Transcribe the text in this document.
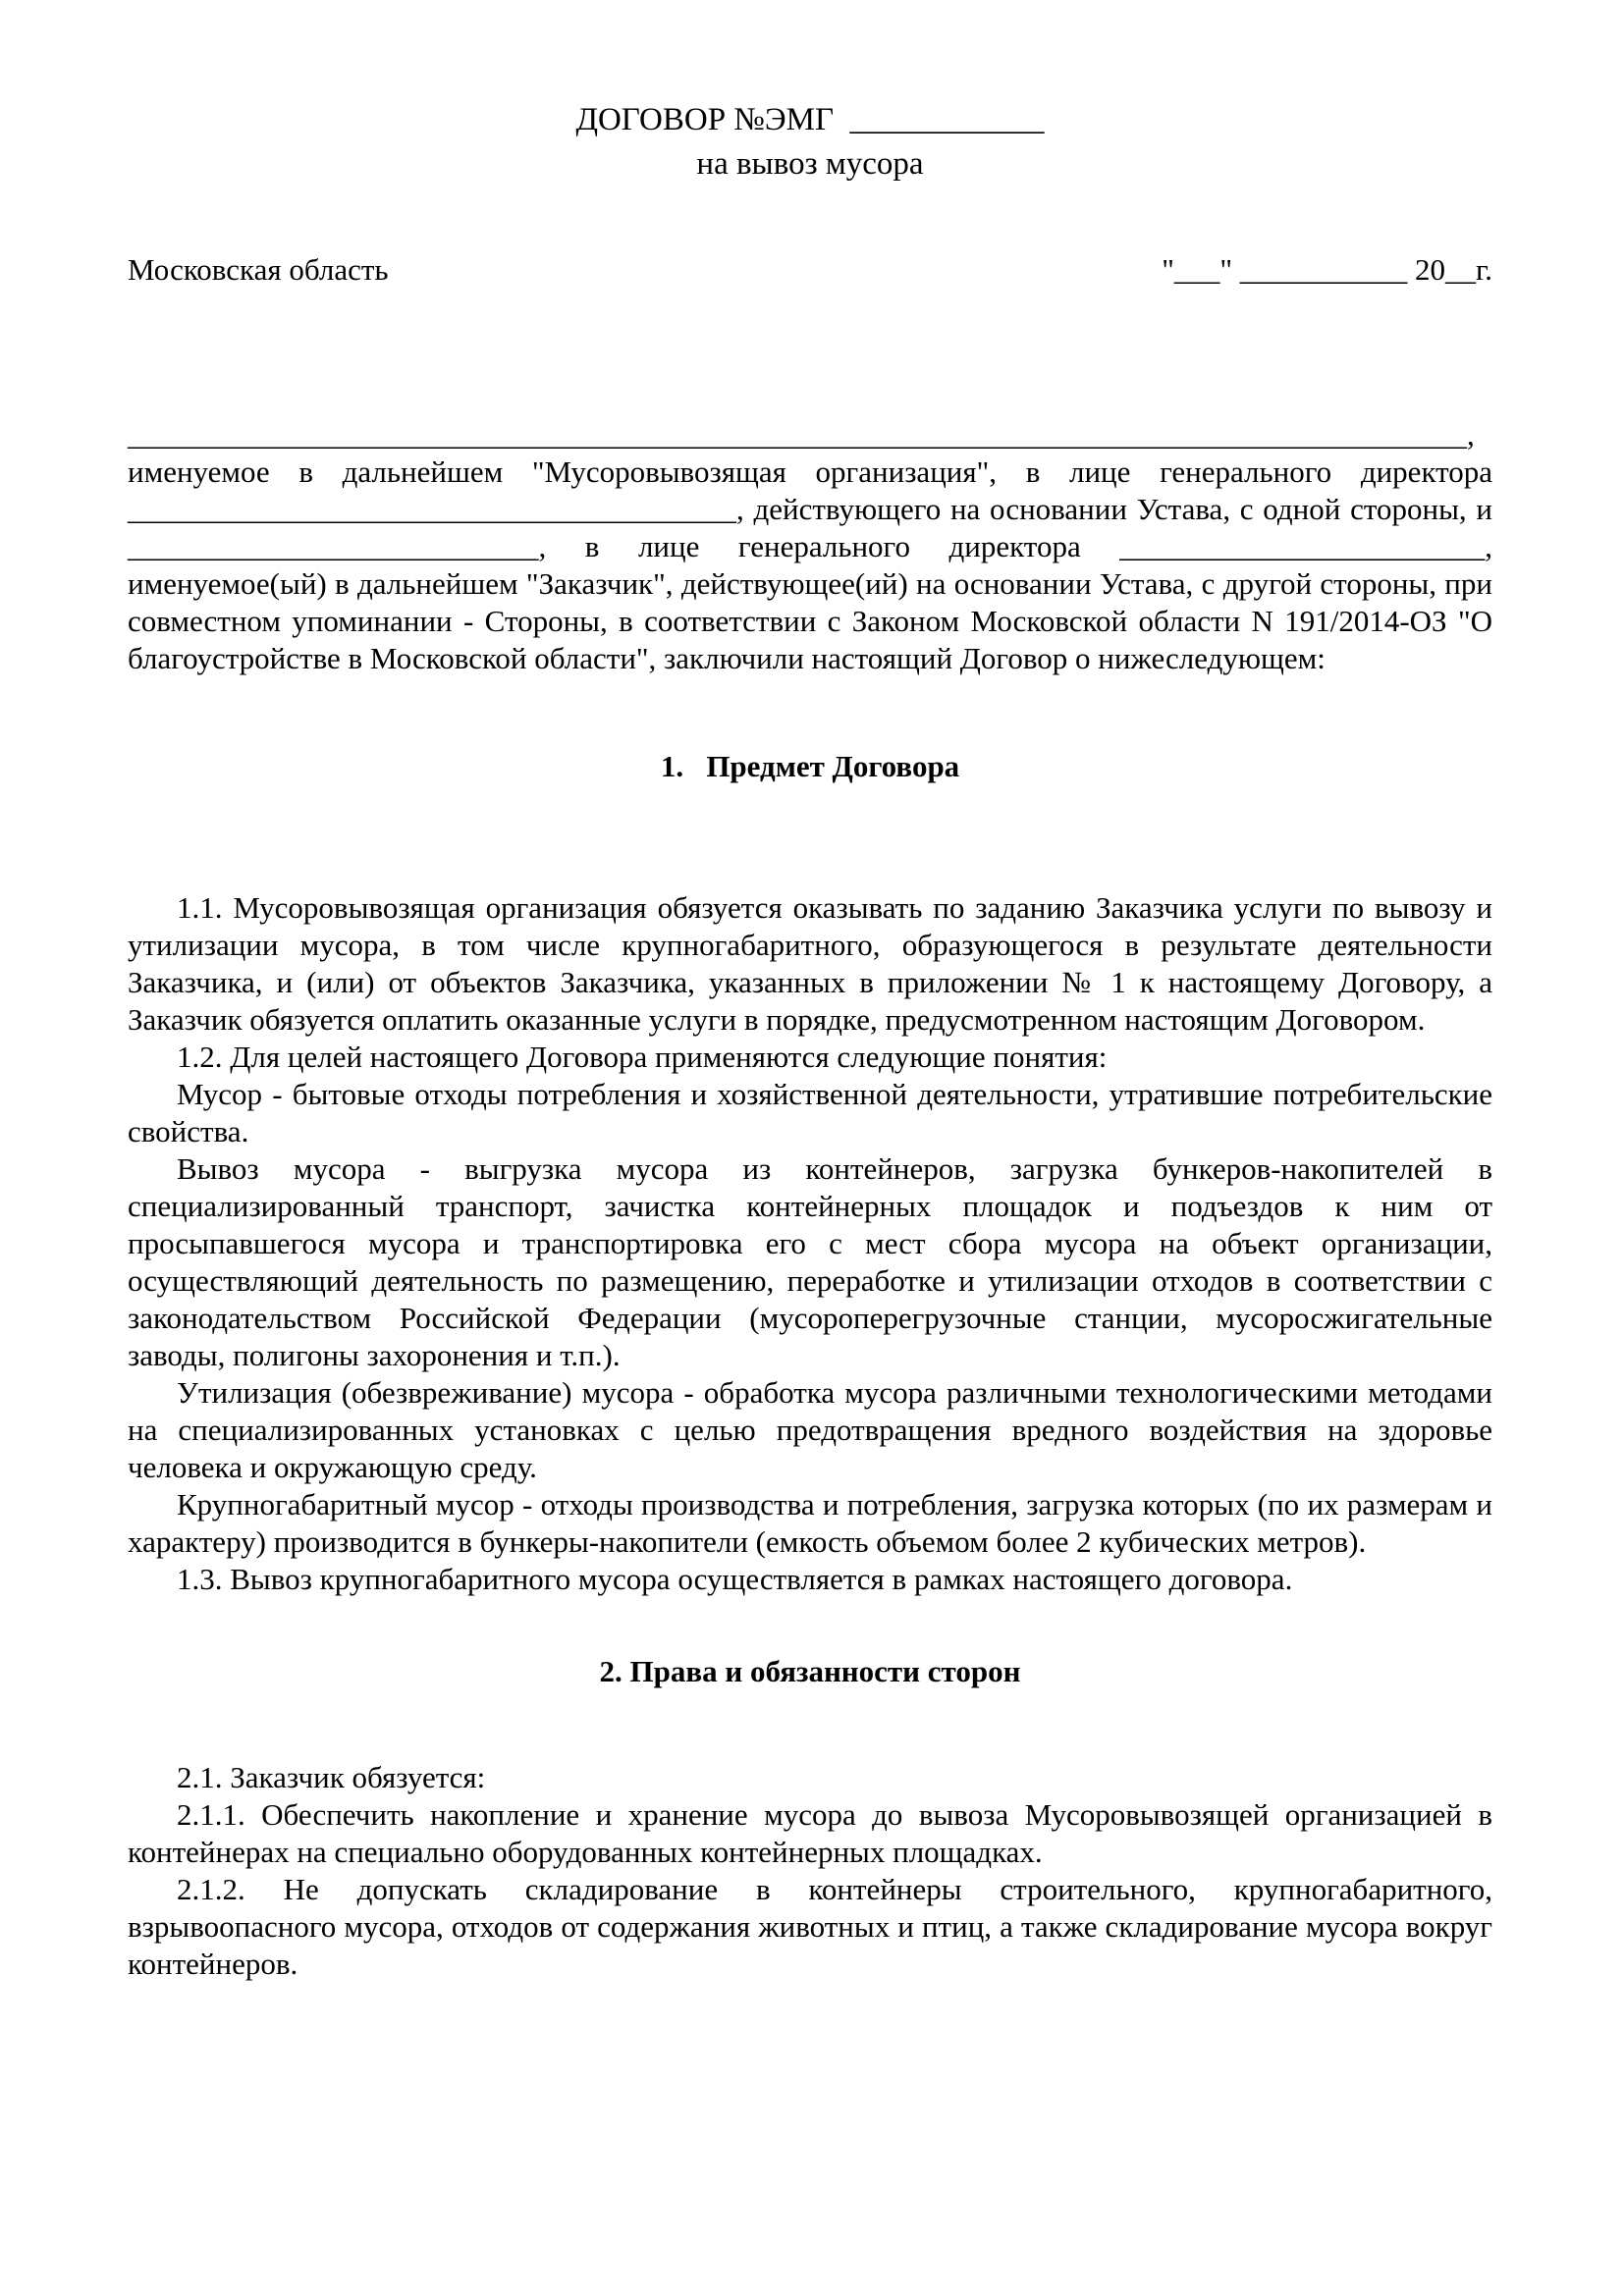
ДОГОВОР №ЭМГ  ____________
на вывоз мусора
Московская область	"___" ___________ 20__г.

________________________________________________________________________________________, именуемое в дальнейшем "Мусоровывозящая организация", в лице генерального директора ________________________________________, действующего на основании Устава, с одной стороны, и ___________________________, в лице генерального директора ________________________, именуемое(ый) в дальнейшем "Заказчик", действующее(ий) на основании Устава, с другой стороны, при совместном упоминании - Стороны, в соответствии с Законом Московской области N 191/2014-ОЗ "О благоустройстве в Московской области", заключили настоящий Договор о нижеследующем:

1.   Предмет Договора

1.1. Мусоровывозящая организация обязуется оказывать по заданию Заказчика услуги по вывозу и утилизации мусора, в том числе крупногабаритного, образующегося в результате деятельности Заказчика, и (или) от объектов Заказчика, указанных в приложении № 1 к настоящему Договору, а Заказчик обязуется оплатить оказанные услуги в порядке, предусмотренном настоящим Договором.

1.2. Для целей настоящего Договора применяются следующие понятия:

Мусор - бытовые отходы потребления и хозяйственной деятельности, утратившие потребительские свойства.

Вывоз мусора - выгрузка мусора из контейнеров, загрузка бункеров-накопителей в специализированный транспорт, зачистка контейнерных площадок и подъездов к ним от просыпавшегося мусора и транспортировка его с мест сбора мусора на объект организации, осуществляющий деятельность по размещению, переработке и утилизации отходов в соответствии с законодательством Российской Федерации (мусороперегрузочные станции, мусоросжигательные заводы, полигоны захоронения и т.п.).

Утилизация (обезвреживание) мусора - обработка мусора различными технологическими методами на специализированных установках с целью предотвращения вредного воздействия на здоровье человека и окружающую среду.

Крупногабаритный мусор - отходы производства и потребления, загрузка которых (по их размерам и характеру) производится в бункеры-накопители (емкость объемом более 2 кубических метров).

1.3. Вывоз крупногабаритного мусора осуществляется в рамках настоящего договора.

2. Права и обязанности сторон

2.1. Заказчик обязуется:

2.1.1. Обеспечить накопление и хранение мусора до вывоза Мусоровывозящей организацией в контейнерах на специально оборудованных контейнерных площадках.

2.1.2. Не допускать складирование в контейнеры строительного, крупногабаритного, взрывоопасного мусора, отходов от содержания животных и птиц, а также складирование мусора вокруг контейнеров.
